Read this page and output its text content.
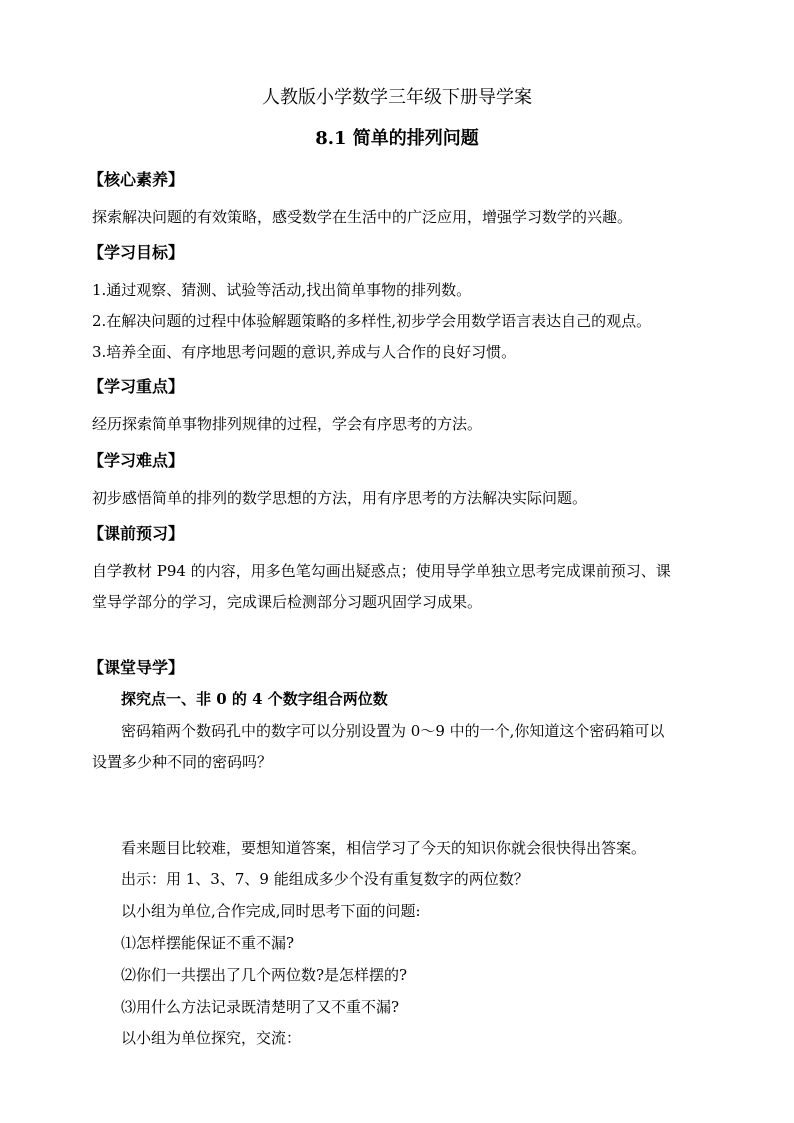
人教版小学数学三年级下册导学案
8.1 简单的排列问题
【核心素养】
探索解决问题的有效策略，感受数学在生活中的广泛应用，增强学习数学的兴趣。
【学习目标】
1.通过观察、猜测、试验等活动,找出简单事物的排列数。
2.在解决问题的过程中体验解题策略的多样性,初步学会用数学语言表达自己的观点。
3.培养全面、有序地思考问题的意识,养成与人合作的良好习惯。
【学习重点】
经历探索简单事物排列规律的过程，学会有序思考的方法。
【学习难点】
初步感悟简单的排列的数学思想的方法，用有序思考的方法解决实际问题。
【课前预习】
自学教材 P94 的内容，用多色笔勾画出疑惑点；使用导学单独立思考完成课前预习、课
堂导学部分的学习，完成课后检测部分习题巩固学习成果。
【课堂导学】
探究点一、非 0 的 4 个数字组合两位数
密码箱两个数码孔中的数字可以分别设置为 0～9 中的一个,你知道这个密码箱可以
设置多少种不同的密码吗？
看来题目比较难，要想知道答案，相信学习了今天的知识你就会很快得出答案。
出示：用 1、3、7、9 能组成多少个没有重复数字的两位数？
以小组为单位,合作完成,同时思考下面的问题:
⑴怎样摆能保证不重不漏?
⑵你们一共摆出了几个两位数?是怎样摆的?
⑶用什么方法记录既清楚明了又不重不漏?
以小组为单位探究，交流：
